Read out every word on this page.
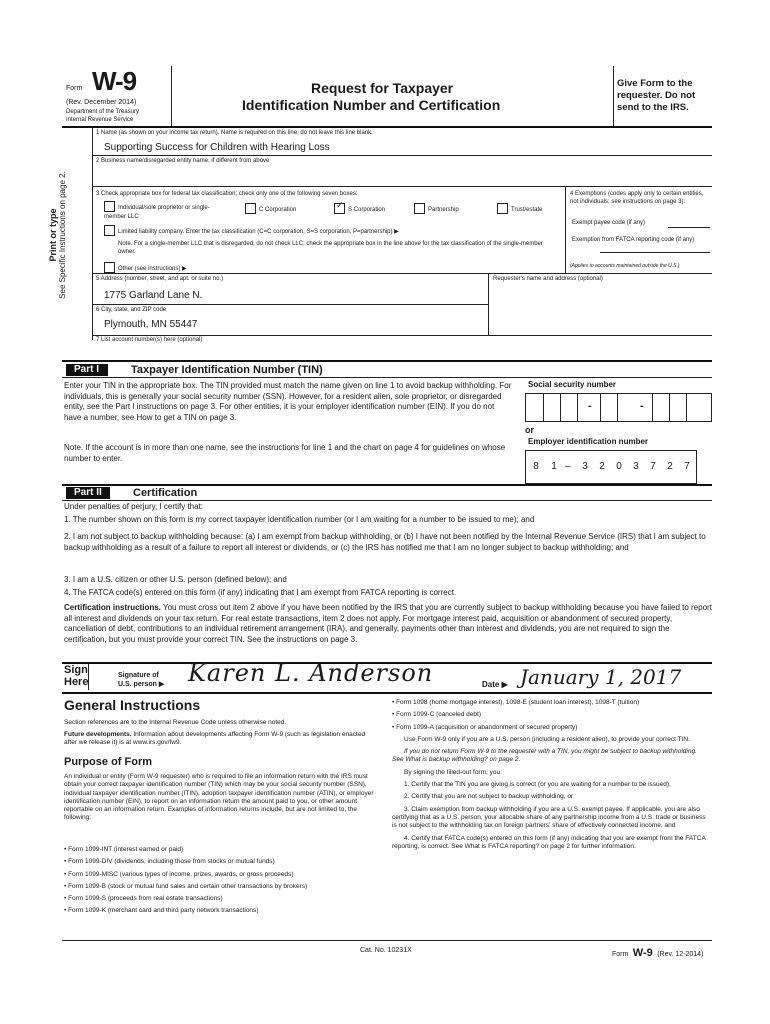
Form W-9
(Rev. December 2014)
Department of the Treasury
Internal Revenue Service
Request for Taxpayer
Identification Number and Certification
Give Form to the requester. Do not send to the IRS.
Print or type See Specific Instructions on page 2.
1 Name (as shown on your income tax return). Name is required on this line; do not leave this line blank.
Supporting Success for Children with Hearing Loss
2 Business name/disregarded entity name, if different from above
3 Check appropriate box for federal tax classification; check only one of the following seven boxes:
Individual/sole proprietor or single-member LLC
C Corporation
✓	S Corporation	Partnership	Trust/estate
Limited liability company. Enter the tax classification (C=C corporation, S=S corporation, P=partnership) ▶
Note. For a single-member LLC that is disregarded, do not check LLC; check the appropriate box in the line above for the tax classification of the single-member owner.
Other (see instructions) ▶
4 Exemptions (codes apply only to certain entities, not individuals; see instructions on page 3):
Exempt payee code (if any)
Exemption from FATCA reporting code (if any)
(Applies to accounts maintained outside the U.S.)
5 Address (number, street, and apt. or suite no.)
1775 Garland Lane N.
Requester's name and address (optional)
6 City, state, and ZIP code
Plymouth, MN 55447
7 List account number(s) here (optional)
Part I	Taxpayer Identification Number (TIN)
Enter your TIN in the appropriate box. The TIN provided must match the name given on line 1 to avoid backup withholding. For individuals, this is generally your social security number (SSN). However, for a resident alien, sole proprietor, or disregarded entity, see the Part I instructions on page 3. For other entities, it is your employer identification number (EIN). If you do not have a number, see How to get a TIN on page 3.
Note. If the account is in more than one name, see the instructions for line 1 and the chart on page 4 for guidelines on whose number to enter.
Social security number
-	-
or
Employer identification number
8	1 –	3	2	0	3	7	2	7
Part II	Certification
Under penalties of perjury, I certify that:
1. The number shown on this form is my correct taxpayer identification number (or I am waiting for a number to be issued to me); and
2. I am not subject to backup withholding because: (a) I am exempt from backup withholding, or (b) I have not been notified by the Internal Revenue Service (IRS) that I am subject to backup withholding as a result of a failure to report all interest or dividends, or (c) the IRS has notified me that I am no longer subject to backup withholding; and
3. I am a U.S. citizen or other U.S. person (defined below); and
4. The FATCA code(s) entered on this form (if any) indicating that I am exempt from FATCA reporting is correct.
Certification instructions. You must cross out item 2 above if you have been notified by the IRS that you are currently subject to backup withholding because you have failed to report all interest and dividends on your tax return. For real estate transactions, item 2 does not apply. For mortgage interest paid, acquisition or abandonment of secured property, cancellation of debt, contributions to an individual retirement arrangement (IRA), and generally, payments other than interest and dividends, you are not required to sign the certification, but you must provide your correct TIN. See the instructions on page 3.
Sign
Here
Signature of
U.S. person ▶ Karen L. Anderson	Date ▶ January 1, 2017
General Instructions
Section references are to the Internal Revenue Code unless otherwise noted.
Future developments. Information about developments affecting Form W-9 (such as legislation enacted after we release it) is at www.irs.gov/fw9.
Purpose of Form
An individual or entity (Form W-9 requester) who is required to file an information return with the IRS must obtain your correct taxpayer identification number (TIN) which may be your social security number (SSN), individual taxpayer identification number (ITIN), adoption taxpayer identification number (ATIN), or employer identification number (EIN), to report on an information return the amount paid to you, or other amount reportable on an information return. Examples of information returns include, but are not limited to, the following:
• Form 1099-INT (interest earned or paid)
• Form 1099-DIV (dividends, including those from stocks or mutual funds)
• Form 1099-MISC (various types of income, prizes, awards, or gross proceeds)
• Form 1099-B (stock or mutual fund sales and certain other transactions by brokers)
• Form 1099-S (proceeds from real estate transactions)
• Form 1099-K (merchant card and third party network transactions)
• Form 1098 (home mortgage interest), 1098-E (student loan interest), 1098-T (tuition)
• Form 1099-C (canceled debt)
• Form 1099-A (acquisition or abandonment of secured property)
Use Form W-9 only if you are a U.S. person (including a resident alien), to provide your correct TIN.
If you do not return Form W-9 to the requester with a TIN, you might be subject to backup withholding. See What is backup withholding? on page 2.
By signing the filled-out form, you:
1. Certify that the TIN you are giving is correct (or you are waiting for a number to be issued),
2. Certify that you are not subject to backup withholding, or
3. Claim exemption from backup withholding if you are a U.S. exempt payee. If applicable, you are also certifying that as a U.S. person, your allocable share of any partnership income from a U.S. trade or business is not subject to the withholding tax on foreign partners' share of effectively connected income, and
4. Certify that FATCA code(s) entered on this form (if any) indicating that you are exempt from the FATCA reporting, is correct. See What is FATCA reporting? on page 2 for further information.
Cat. No. 10231X
Form W-9 (Rev. 12-2014)
